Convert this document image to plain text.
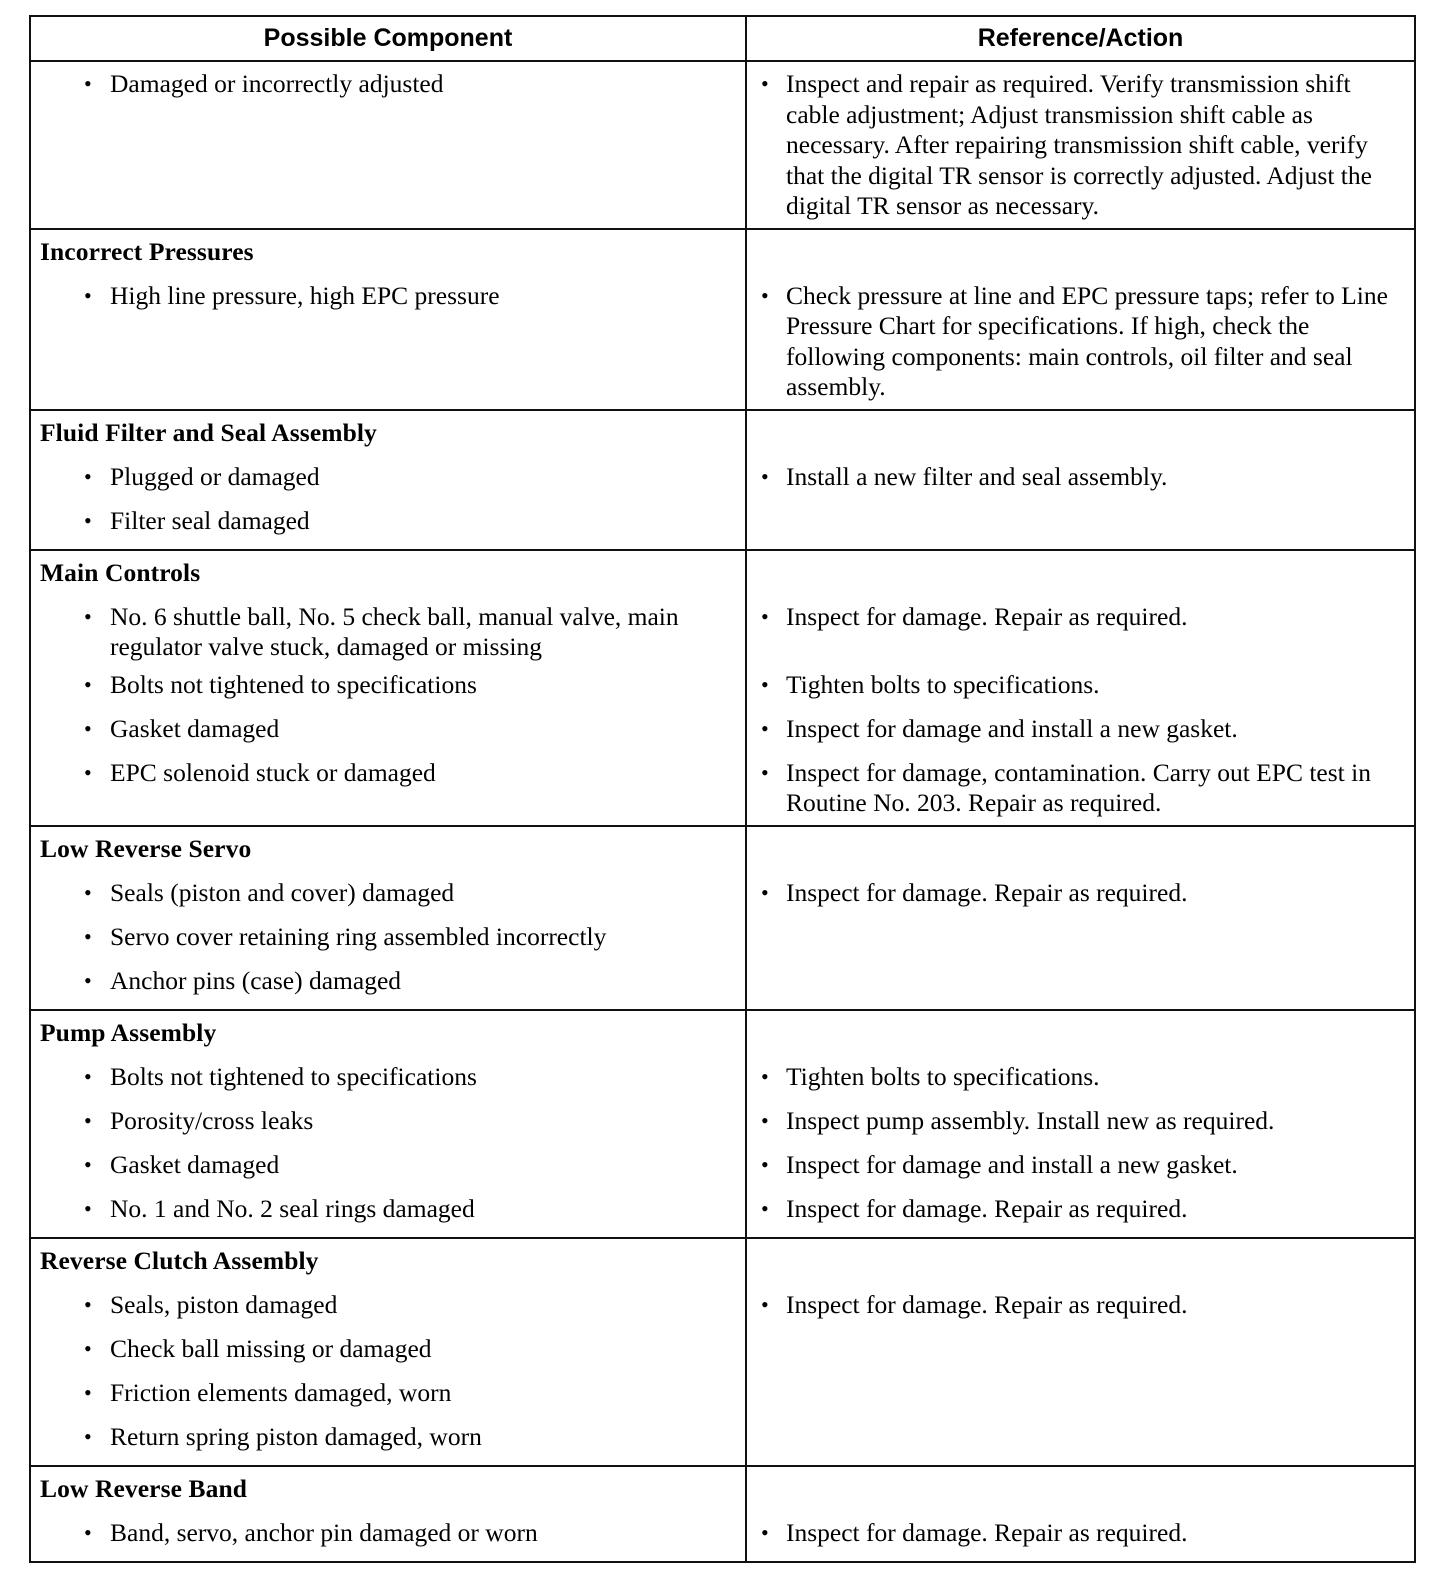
Possible Component	Reference/Action

• Damaged or incorrectly adjusted	• Inspect and repair as required. Verify transmission shift cable adjustment; Adjust transmission shift cable as necessary. After repairing transmission shift cable, verify that the digital TR sensor is correctly adjusted. Adjust the digital TR sensor as necessary.

Incorrect Pressures	

• High line pressure, high EPC pressure	• Check pressure at line and EPC pressure taps; refer to Line Pressure Chart for specifications. If high, check the following components: main controls, oil filter and seal assembly.

Fluid Filter and Seal Assembly	

• Plugged or damaged	• Install a new filter and seal assembly.

• Filter seal damaged	

Main Controls	

• No. 6 shuttle ball, No. 5 check ball, manual valve, main regulator valve stuck, damaged or missing	• Inspect for damage. Repair as required.

• Bolts not tightened to specifications	• Tighten bolts to specifications.

• Gasket damaged	• Inspect for damage and install a new gasket.

• EPC solenoid stuck or damaged	• Inspect for damage, contamination. Carry out EPC test in Routine No. 203. Repair as required.

Low Reverse Servo	

• Seals (piston and cover) damaged	• Inspect for damage. Repair as required.

• Servo cover retaining ring assembled incorrectly	

• Anchor pins (case) damaged	

Pump Assembly	

• Bolts not tightened to specifications	• Tighten bolts to specifications.

• Porosity/cross leaks	• Inspect pump assembly. Install new as required.

• Gasket damaged	• Inspect for damage and install a new gasket.

• No. 1 and No. 2 seal rings damaged	• Inspect for damage. Repair as required.

Reverse Clutch Assembly	

• Seals, piston damaged	• Inspect for damage. Repair as required.

• Check ball missing or damaged	

• Friction elements damaged, worn	

• Return spring piston damaged, worn	

Low Reverse Band	

• Band, servo, anchor pin damaged or worn	• Inspect for damage. Repair as required.
